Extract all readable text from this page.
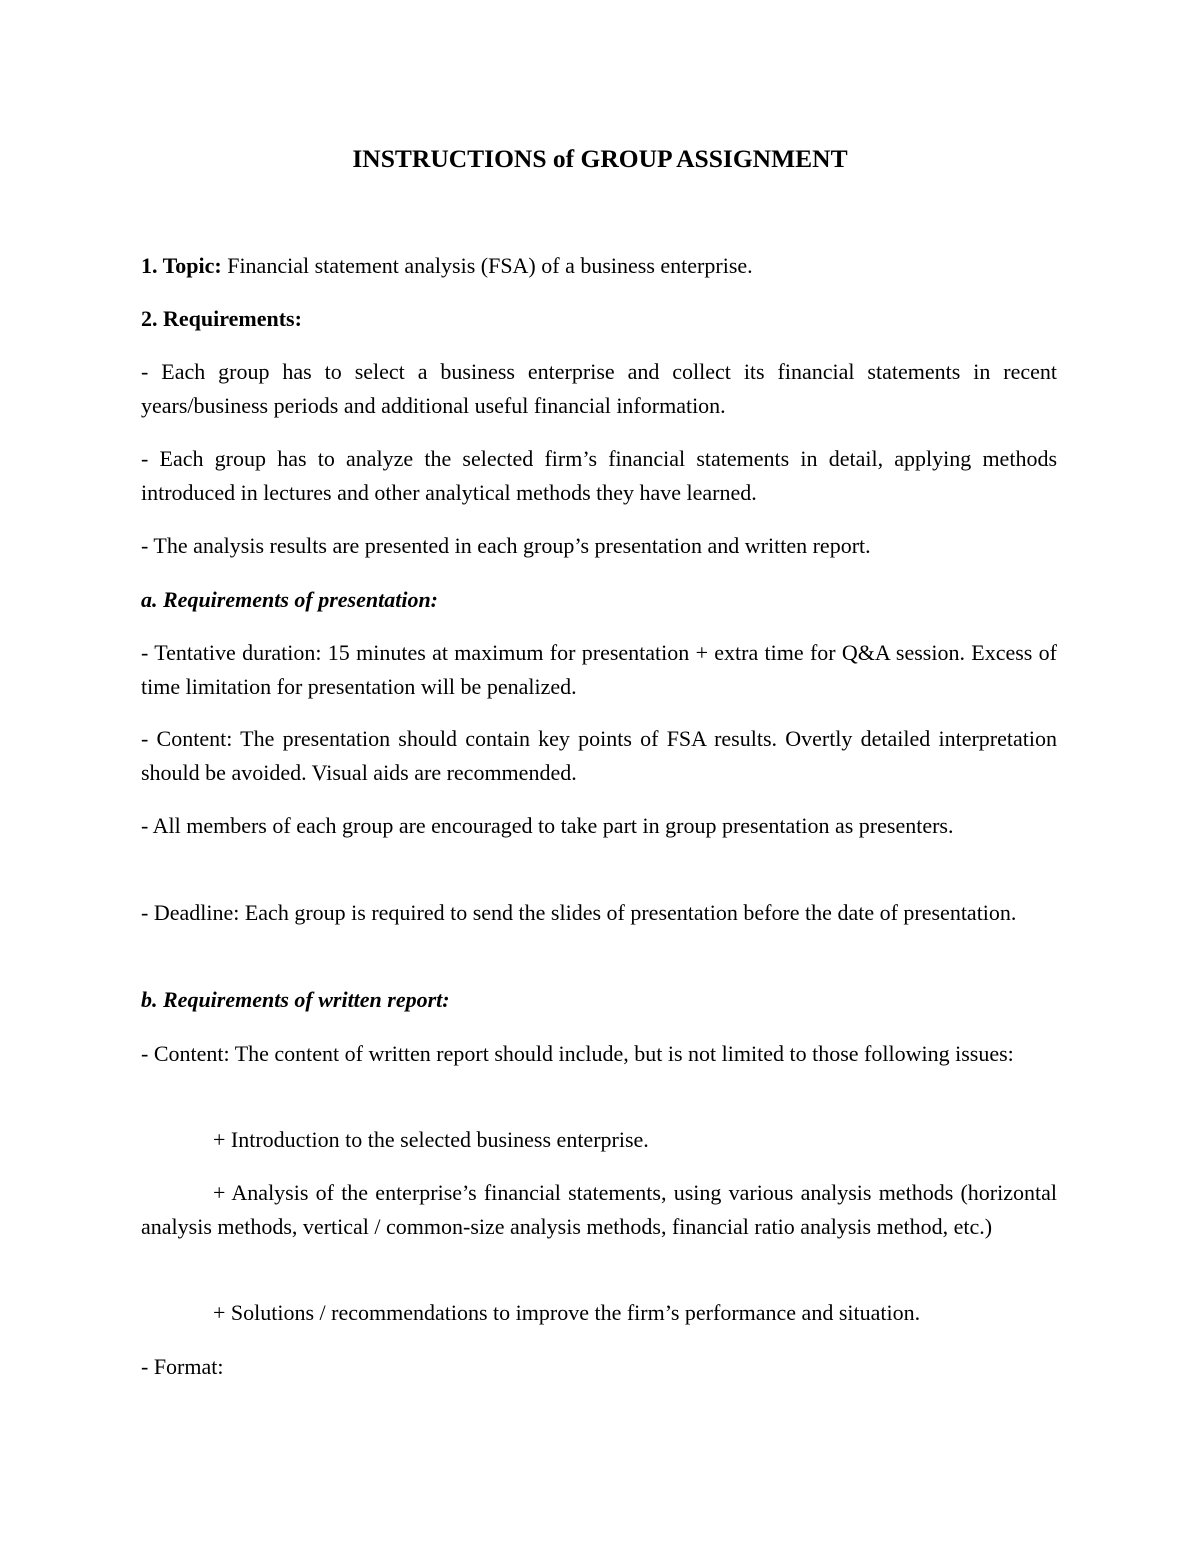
INSTRUCTIONS of GROUP ASSIGNMENT

1. Topic: Financial statement analysis (FSA) of a business enterprise.

2. Requirements:

- Each group has to select a business enterprise and collect its financial statements in recent years/business periods and additional useful financial information.

- Each group has to analyze the selected firm’s financial statements in detail, applying methods introduced in lectures and other analytical methods they have learned.

- The analysis results are presented in each group’s presentation and written report.

a. Requirements of presentation:

- Tentative duration: 15 minutes at maximum for presentation + extra time for Q&A session. Excess of time limitation for presentation will be penalized.

- Content: The presentation should contain key points of FSA results. Overtly detailed interpretation should be avoided. Visual aids are recommended.

- All members of each group are encouraged to take part in group presentation as presenters.

- Deadline: Each group is required to send the slides of presentation before the date of presentation.

b. Requirements of written report:

- Content: The content of written report should include, but is not limited to those following issues:

+ Introduction to the selected business enterprise.

+ Analysis of the enterprise’s financial statements, using various analysis methods (horizontal analysis methods, vertical / common-size analysis methods, financial ratio analysis method, etc.)

+ Solutions / recommendations to improve the firm’s performance and situation.

- Format:
